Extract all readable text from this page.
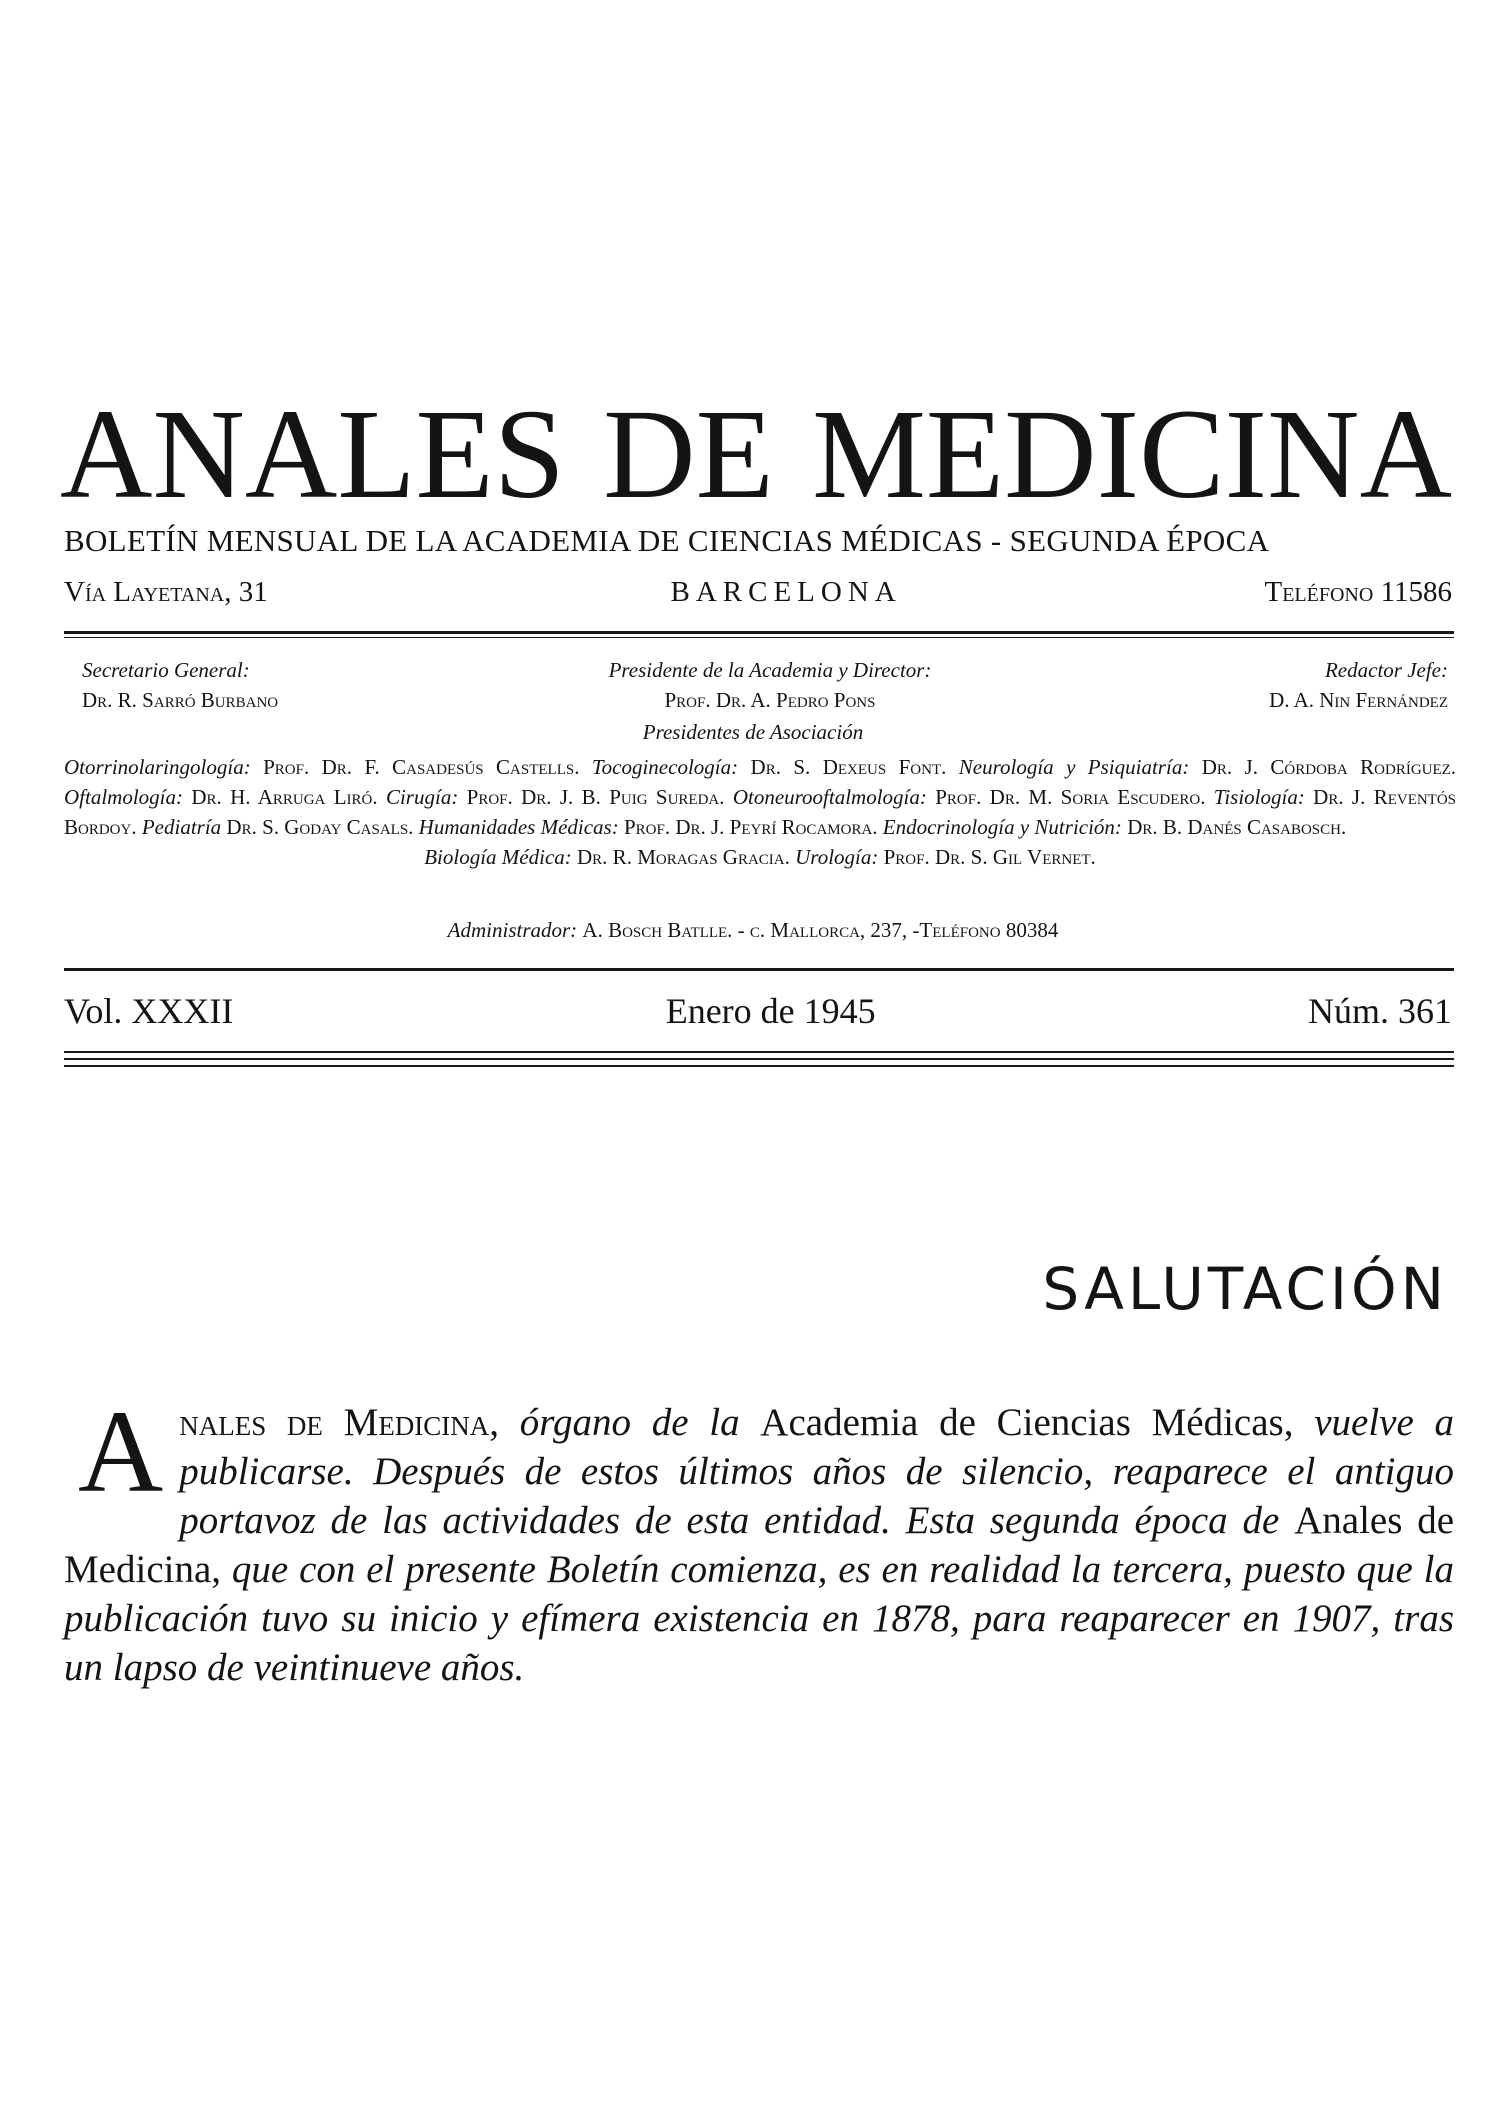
ANALES DE MEDICINA
BOLETÍN MENSUAL DE LA ACADEMIA DE CIENCIAS MÉDICAS - SEGUNDA ÉPOCA
Vía Layetana, 31	BARCELONA	Teléfono 11586
Secretario General:
Dr. R. Sarró Burbano
Presidente de la Academia y Director:
Prof. Dr. A. Pedro Pons
Redactor Jefe:
D. A. Nin Fernández
Presidentes de Asociación
Otorrinolaringología: Prof. Dr. F. Casadesús Castells. Tocoginecología: Dr. S. Dexeus Font. Neurología y Psiquiatría: Dr. J. Córdoba Rodríguez. Oftalmología: Dr. H. Arruga Liró. Cirugía: Prof. Dr. J. B. Puig Sureda. Otoneurooftalmología: Prof. Dr. M. Soria Escudero. Tisiología: Dr. J. Reventós Bordoy. Pediatría Dr. S. Goday Casals. Humanidades Médicas: Prof. Dr. J. Peyrí Rocamora. Endocrinología y Nutrición: Dr. B. Danés Casabosch.
Biología Médica: Dr. R. Moragas Gracia. Urología: Prof. Dr. S. Gil Vernet.
Administrador: A. Bosch Batlle. - c. Mallorca, 237, -Teléfono 80384
Vol. XXXII	Enero de 1945	Núm. 361
SALUTACIÓN

Anales de Medicina, órgano de la Academia de Ciencias Médicas, vuelve a publicarse. Después de estos últimos años de silencio, reaparece el antiguo portavoz de las actividades de esta entidad. Esta segunda época de Anales de Medicina, que con el presente Boletín comienza, es en realidad la tercera, puesto que la publicación tuvo su inicio y efímera existencia en 1878, para reaparecer en 1907, tras un lapso de veintinueve años.
